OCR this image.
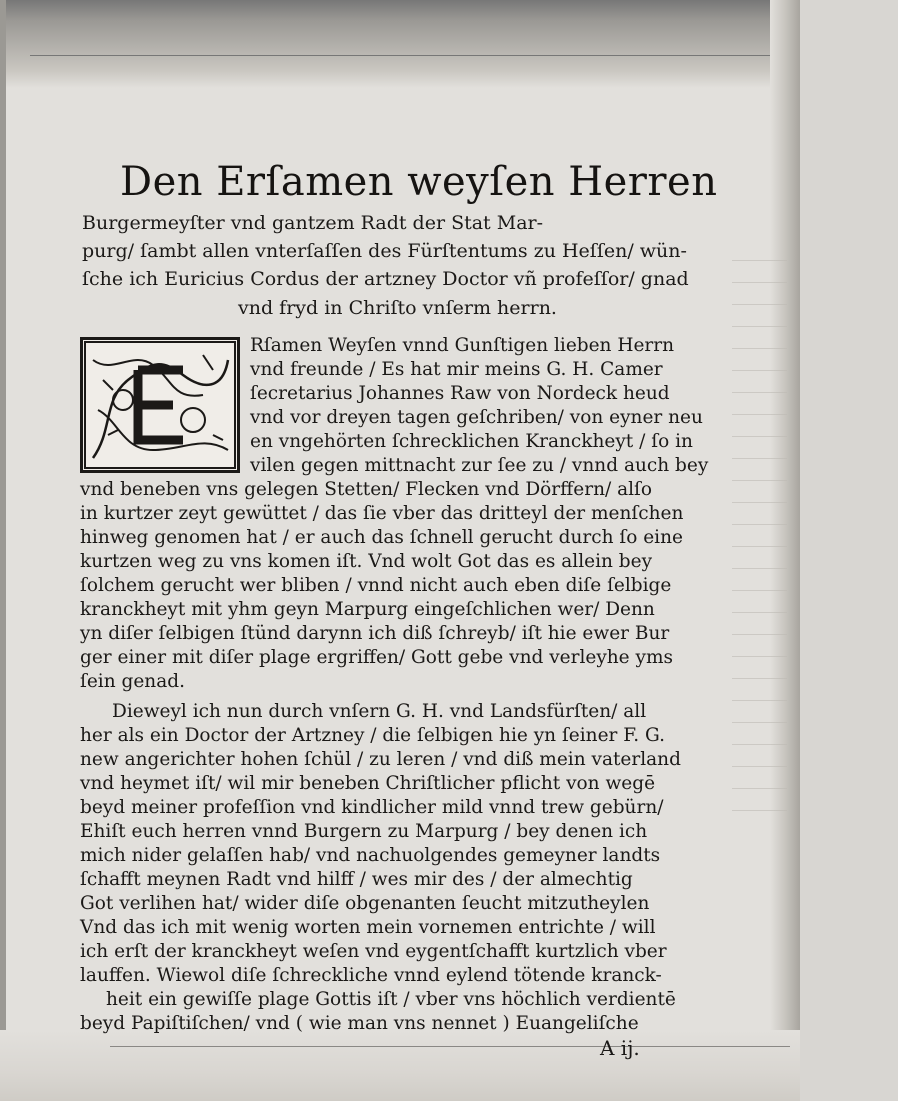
Den Erſamen weyſen Herren
Burgermeyſter vnd gantzem Radt der Stat Mar-
purg/ ſambt allen vnterſaſſen des Fürſtentums zu Heſſen/ wün-
ſche ich Euricius Cordus der artzney Doctor vñ profeſſor/ gnad
vnd fryd in Chriſto vnſerm herrn.
Rſamen Weyſen vnnd Gunſtigen lieben Herrn
vnd freunde / Es hat mir meins G. H. Camer
ſecretarius Johannes Raw von Nordeck heud
vnd vor dreyen tagen geſchriben/ von eyner neu
en vngehörten ſchrecklichen Kranckheyt / ſo in
vilen gegen mittnacht zur ſee zu / vnnd auch bey
vnd beneben vns gelegen Stetten/ Flecken vnd Dörffern/ alſo
in kurtzer zeyt gewüttet / das ſie vber das dritteyl der menſchen
hinweg genomen hat / er auch das ſchnell gerucht durch ſo eine
kurtzen weg zu vns komen iſt. Vnd wolt Got das es allein bey
ſolchem gerucht wer bliben / vnnd nicht auch eben diſe ſelbige
kranckheyt mit yhm geyn Marpurg eingeſchlichen wer/ Denn
yn diſer ſelbigen ſtünd darynn ich diß ſchreyb/ iſt hie ewer Bur
ger einer mit diſer plage ergriffen/ Gott gebe vnd verleyhe yms
ſein genad.
Dieweyl ich nun durch vnſern G. H. vnd Landsfürſten/ all
her als ein Doctor der Artzney / die ſelbigen hie yn ſeiner F. G.
new angerichter hohen ſchül / zu leren / vnd diß mein vaterland
vnd heymet iſt/ wil mir beneben Chriſtlicher pflicht von wegē
beyd meiner profeſſion vnd kindlicher mild vnnd trew gebürn/
Ehiſt euch herren vnnd Burgern zu Marpurg / bey denen ich
mich nider gelaſſen hab/ vnd nachuolgendes gemeyner landts
ſchafft meynen Radt vnd hilff / wes mir des / der almechtig
Got verlihen hat/ wider diſe obgenanten ſeucht mitzutheylen
Vnd das ich mit wenig worten mein vornemen entrichte / will
ich erſt der kranckheyt weſen vnd eygentſchafft kurtzlich vber
lauffen. Wiewol diſe ſchreckliche vnnd eylend tötende kranck-
heit ein gewiſſe plage Gottis iſt / vber vns höchlich verdientē
beyd Papiſtiſchen/ vnd ( wie man vns nennet ) Euangeliſche
A ij.
